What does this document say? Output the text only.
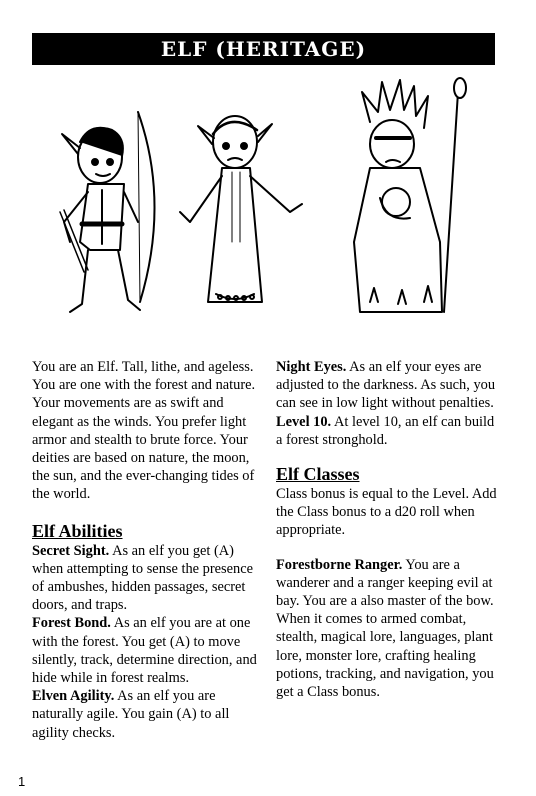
ELF (HERITAGE)

You are an Elf. Tall, lithe, and ageless. You are one with the forest and nature. Your movements are as swift and elegant as the winds. You prefer light armor and stealth to brute force. Your deities are based on nature, the moon, the sun, and the ever-changing tides of the world.

Elf Abilities

Secret Sight. As an elf you get (A) when attempting to sense the presence of ambushes, hidden passages, secret doors, and traps.

Forest Bond. As an elf you are at one with the forest. You get (A) to move silently, track, determine direction, and hide while in forest realms.

Elven Agility. As an elf you are naturally agile. You gain (A) to all agility checks.

Night Eyes. As an elf your eyes are adjusted to the darkness. As such, you can see in low light without penalties.

Level 10. At level 10, an elf can build a forest stronghold.

Elf Classes

Class bonus is equal to the Level. Add the Class bonus to a d20 roll when appropriate.

Forestborne Ranger. You are a wanderer and a ranger keeping evil at bay. You are a also master of the bow. When it comes to armed combat, stealth, magical lore, languages, plant lore, monster lore, crafting healing potions, tracking, and navigation, you get a Class bonus.

1
